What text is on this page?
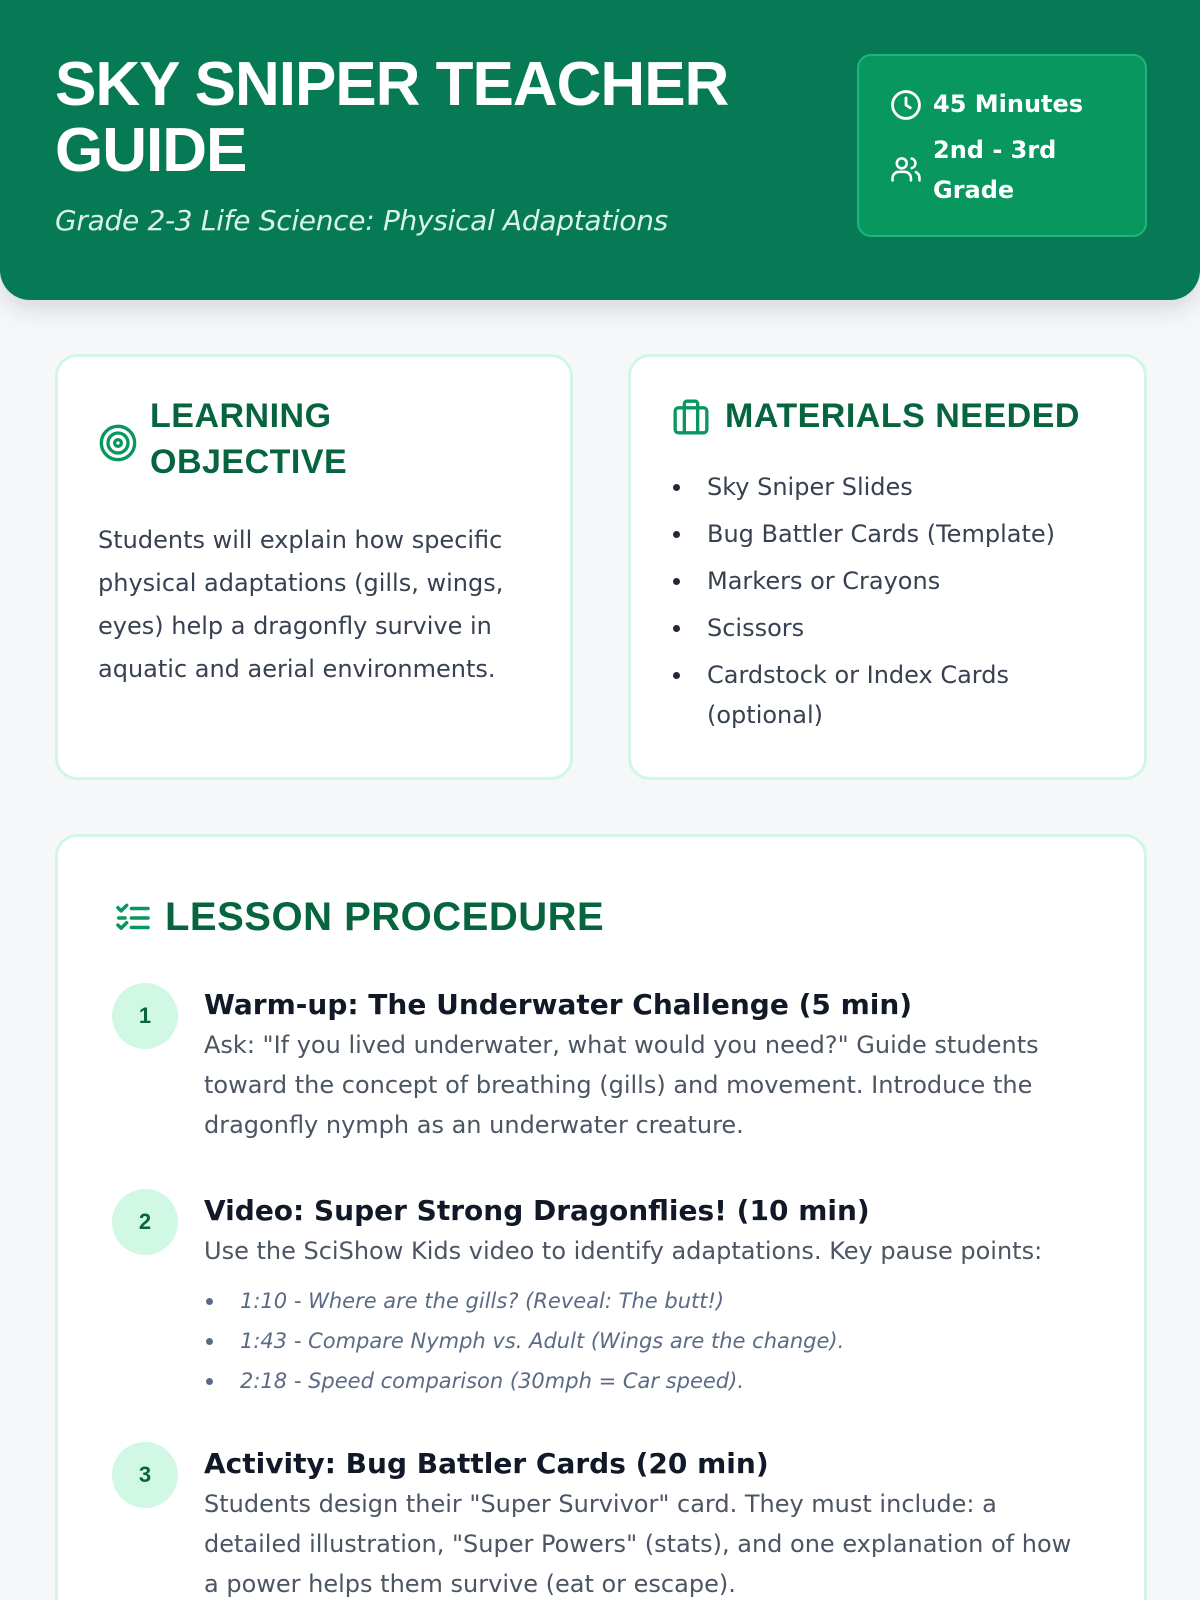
SKY SNIPER TEACHER GUIDE
Grade 2-3 Life Science: Physical Adaptations
45 Minutes
2nd - 3rd Grade
LEARNING OBJECTIVE
Students will explain how specific physical adaptations (gills, wings, eyes) help a dragonfly survive in aquatic and aerial environments.
MATERIALS NEEDED
Sky Sniper Slides
Bug Battler Cards (Template)
Markers or Crayons
Scissors
Cardstock or Index Cards (optional)
LESSON PROCEDURE
1	Warm-up: The Underwater Challenge (5 min)
Ask: "If you lived underwater, what would you need?" Guide students toward the concept of breathing (gills) and movement. Introduce the dragonfly nymph as an underwater creature.
2	Video: Super Strong Dragonflies! (10 min)
Use the SciShow Kids video to identify adaptations. Key pause points:
1:10 - Where are the gills? (Reveal: The butt!)
1:43 - Compare Nymph vs. Adult (Wings are the change).
2:18 - Speed comparison (30mph = Car speed).
3	Activity: Bug Battler Cards (20 min)
Students design their "Super Survivor" card. They must include: a detailed illustration, "Super Powers" (stats), and one explanation of how a power helps them survive (eat or escape).
